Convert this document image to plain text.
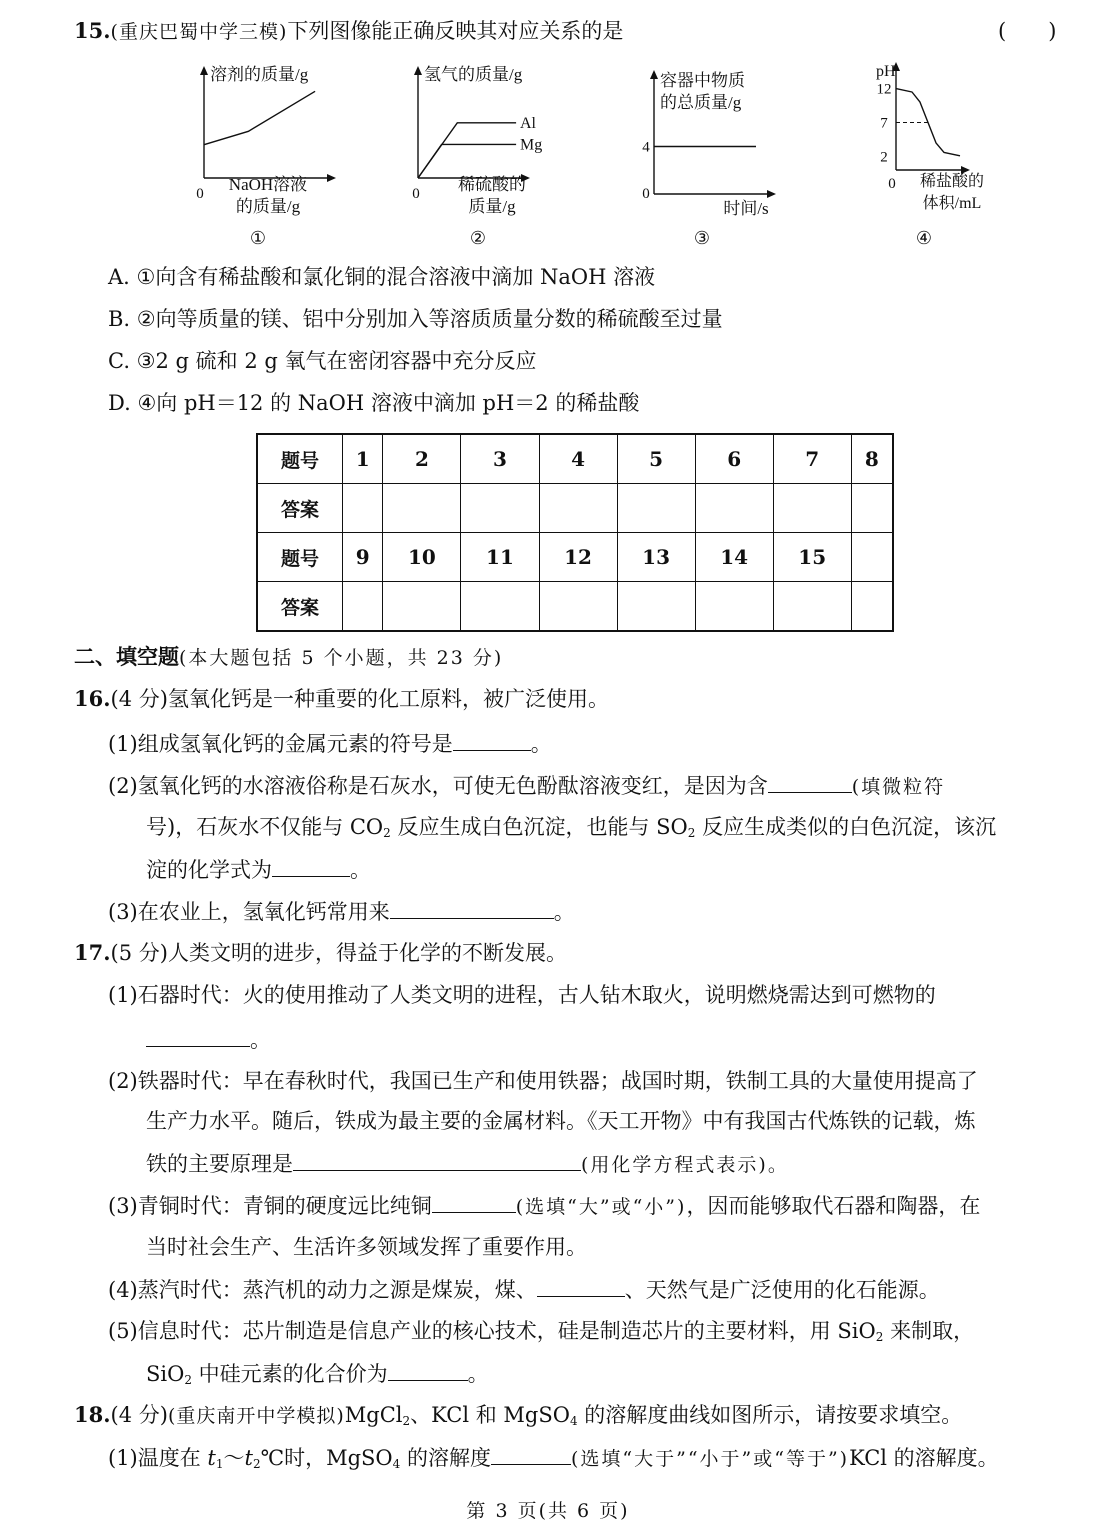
15.(重庆巴蜀中学三模)下列图像能正确反映其对应关系的是	(　　)
溶剂的质量/g
0 NaOH溶液
的质量/g
①
氢气的质量/g
0 稀硫酸的
质量/g
Al
Mg
②
容器中物质
的总质量/g
0
4
时间/s
③
pH
0
12
7
2
稀盐酸的
体积/mL
④
A. ①向含有稀盐酸和氯化铜的混合溶液中滴加 NaOH 溶液
B. ②向等质量的镁、铝中分别加入等溶质质量分数的稀硫酸至过量
C. ③2 g 硫和 2 g 氧气在密闭容器中充分反应
D. ④向 pH＝12 的 NaOH 溶液中滴加 pH＝2 的稀盐酸
题号	1	2	3	4	5	6	7	8
答案								
题号	9	10	11	12	13	14	15	
答案								
二、填空题(本大题包括 5 个小题，共 23 分)
16.(4 分)氢氧化钙是一种重要的化工原料，被广泛使用。
(1)组成氢氧化钙的金属元素的符号是	。
(2)氢氧化钙的水溶液俗称是石灰水，可使无色酚酞溶液变红，是因为含	(填微粒符
号)，石灰水不仅能与 $CO_2$ 反应生成白色沉淀，也能与 $SO_2$ 反应生成类似的白色沉淀，该沉
淀的化学式为	。
(3)在农业上，氢氧化钙常用来	。
17.(5 分)人类文明的进步，得益于化学的不断发展。
(1)石器时代：火的使用推动了人类文明的进程，古人钻木取火，说明燃烧需达到可燃物的
。
(2)铁器时代：早在春秋时代，我国已生产和使用铁器；战国时期，铁制工具的大量使用提高了
生产力水平。随后，铁成为最主要的金属材料。《天工开物》中有我国古代炼铁的记载，炼
铁的主要原理是	(用化学方程式表示)。
(3)青铜时代：青铜的硬度远比纯铜	(选填“大”或“小”)，因而能够取代石器和陶器，在
当时社会生产、生活许多领域发挥了重要作用。
(4)蒸汽时代：蒸汽机的动力之源是煤炭，煤、	、天然气是广泛使用的化石能源。
(5)信息时代：芯片制造是信息产业的核心技术，硅是制造芯片的主要材料，用 SiO$_2$ 来制取，
SiO$_2$ 中硅元素的化合价为	。
18.(4 分)(重庆南开中学模拟)MgCl$_2$、KCl 和 MgSO$_4$ 的溶解度曲线如图所示，请按要求填空。
(1)温度在 $t_1\sim t_2℃$时，MgSO$_4$ 的溶解度	(选填“大于”“小于”或“等于”)KCl 的溶解度。
第 3 页(共 6 页)
